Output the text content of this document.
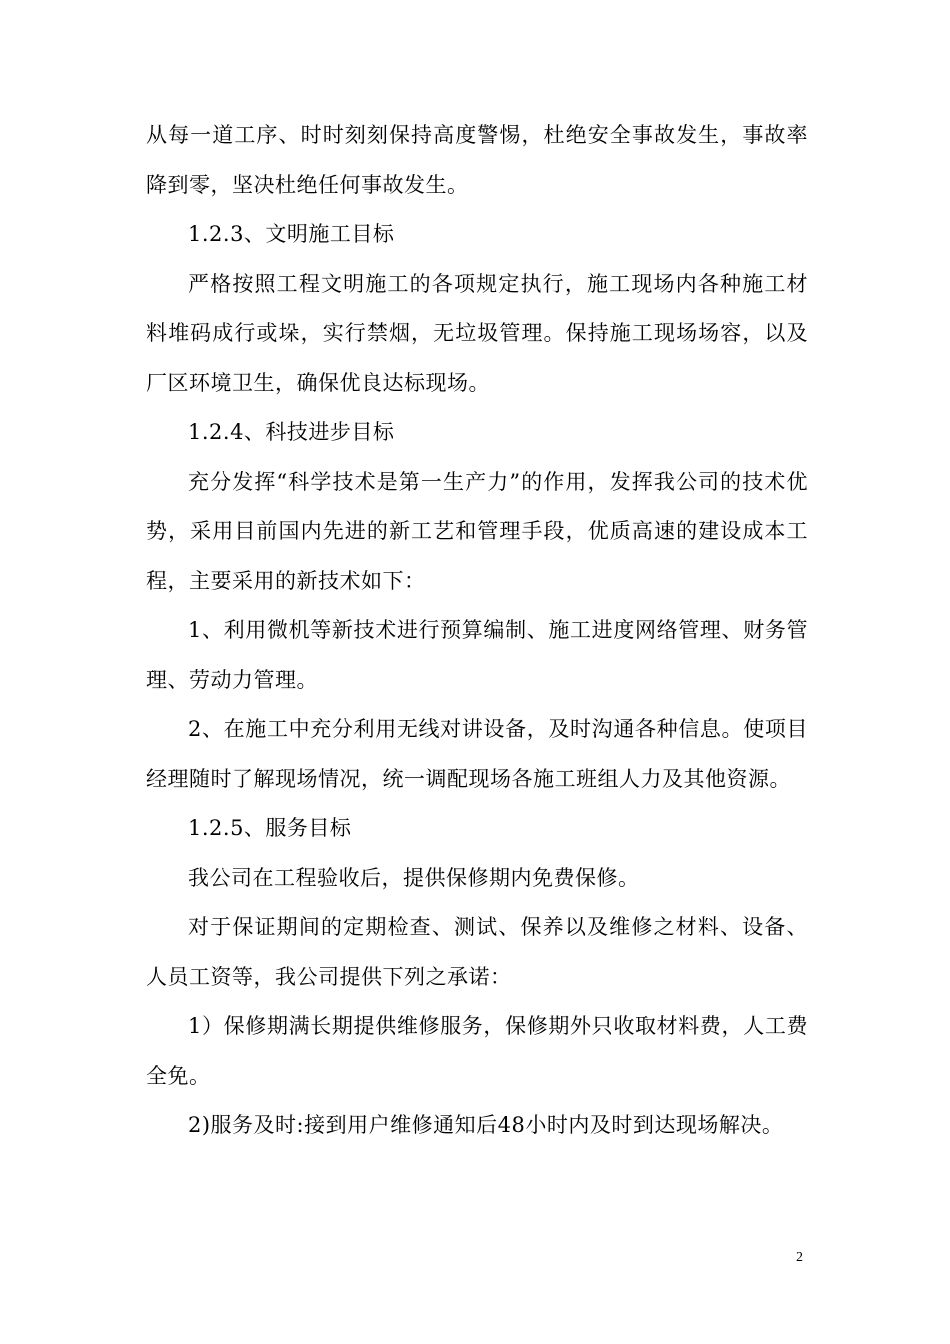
从每一道工序、时时刻刻保持高度警惕，杜绝安全事故发生，事故率降到零，坚决杜绝任何事故发生。

1.2.3、文明施工目标

严格按照工程文明施工的各项规定执行，施工现场内各种施工材料堆码成行或垛，实行禁烟，无垃圾管理。保持施工现场场容，以及厂区环境卫生，确保优良达标现场。

1.2.4、科技进步目标

充分发挥“科学技术是第一生产力”的作用，发挥我公司的技术优势，采用目前国内先进的新工艺和管理手段，优质高速的建设成本工程，主要采用的新技术如下：

1、利用微机等新技术进行预算编制、施工进度网络管理、财务管理、劳动力管理。

2、在施工中充分利用无线对讲设备，及时沟通各种信息。使项目经理随时了解现场情况，统一调配现场各施工班组人力及其他资源。

1.2.5、服务目标

我公司在工程验收后，提供保修期内免费保修。

对于保证期间的定期检查、测试、保养以及维修之材料、设备、人员工资等，我公司提供下列之承诺：

1）保修期满长期提供维修服务，保修期外只收取材料费，人工费全免。

2)服务及时:接到用户维修通知后48小时内及时到达现场解决。

2
